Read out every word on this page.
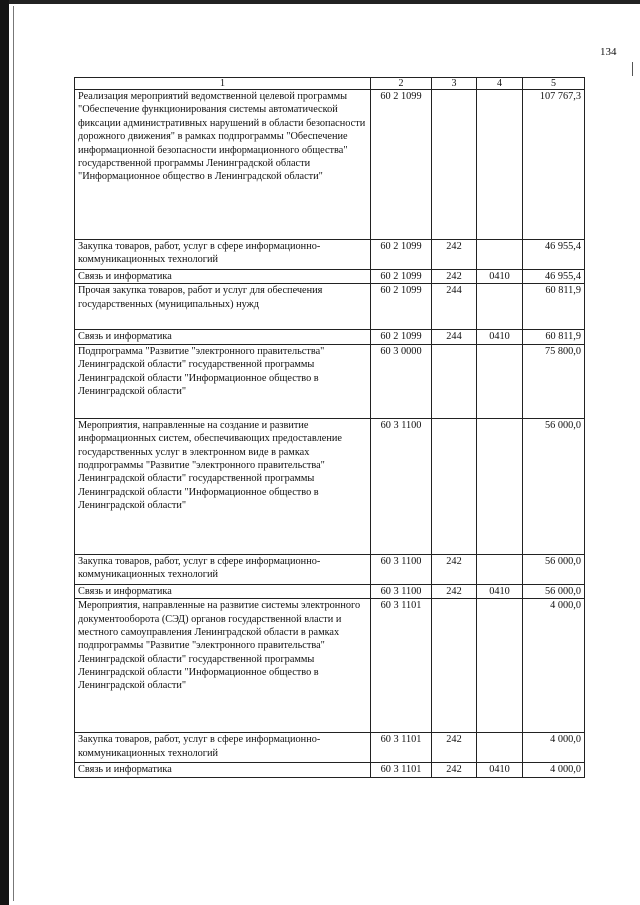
134
1	2	3	4	5
Реализация мероприятий ведомственной целевой программы "Обеспечение функционирования системы автоматической фиксации административных нарушений в области безопасности дорожного движения" в рамках подпрограммы "Обеспечение информационной безопасности информационного общества" государственной программы Ленинградской области "Информационное общество в Ленинградской области"	60 2 1099			107 767,3
Закупка товаров, работ, услуг в сфере информационно-коммуникационных технологий	60 2 1099	242		46 955,4
Связь и информатика	60 2 1099	242	0410	46 955,4
Прочая закупка товаров, работ и услуг для обеспечения государственных (муниципальных) нужд	60 2 1099	244		60 811,9
Связь и информатика	60 2 1099	244	0410	60 811,9
Подпрограмма "Развитие "электронного правительства" Ленинградской области" государственной программы Ленинградской области "Информационное общество в Ленинградской области"	60 3 0000			75 800,0
Мероприятия, направленные на создание и развитие информационных систем, обеспечивающих предоставление государственных услуг в электронном виде в рамках подпрограммы "Развитие "электронного правительства" Ленинградской области" государственной программы Ленинградской области "Информационное общество в Ленинградской области"	60 3 1100			56 000,0
Закупка товаров, работ, услуг в сфере информационно-коммуникационных технологий	60 3 1100	242		56 000,0
Связь и информатика	60 3 1100	242	0410	56 000,0
Мероприятия, направленные на развитие системы электронного документооборота (СЭД) органов государственной власти и местного самоуправления Ленинградской области в рамках подпрограммы "Развитие "электронного правительства" Ленинградской области" государственной программы Ленинградской области "Информационное общество в Ленинградской области"	60 3 1101			4 000,0
Закупка товаров, работ, услуг в сфере информационно-коммуникационных технологий	60 3 1101	242		4 000,0
Связь и информатика	60 3 1101	242	0410	4 000,0
